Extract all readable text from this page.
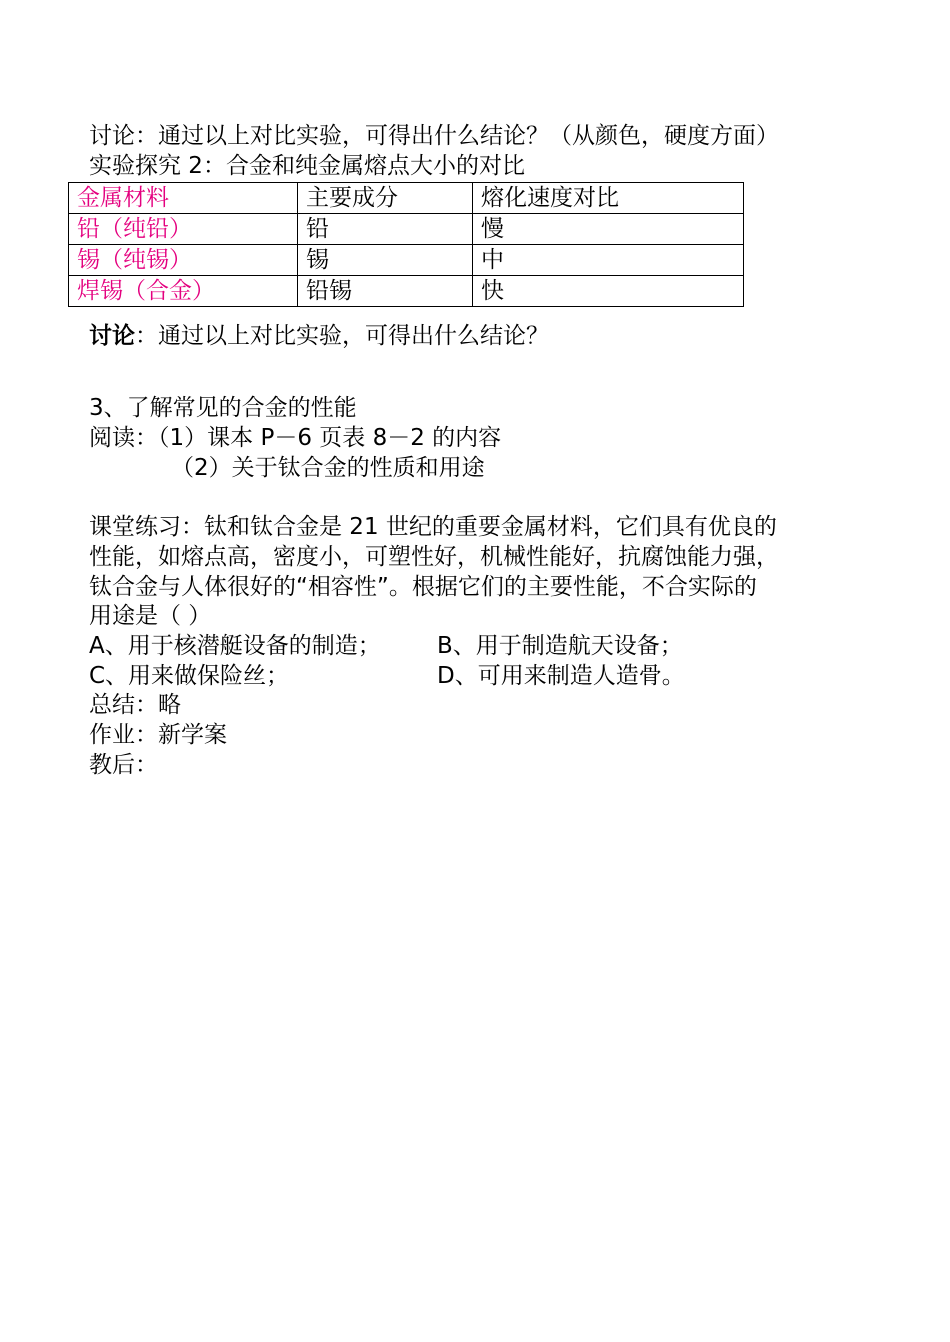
讨论：通过以上对比实验，可得出什么结论？（从颜色，硬度方面）
实验探究 2：合金和纯金属熔点大小的对比
金属材料	主要成分	熔化速度对比
铅（纯铅）	铅	慢
锡（纯锡）	锡	中
焊锡（合金）	铅锡	快
讨论：通过以上对比实验，可得出什么结论？
3、了解常见的合金的性能
阅读：（1）课本 P－6 页表 8－2 的内容
（2）关于钛合金的性质和用途
课堂练习：钛和钛合金是 21 世纪的重要金属材料，它们具有优良的
性能，如熔点高，密度小，可塑性好，机械性能好，抗腐蚀能力强，
钛合金与人体很好的“相容性”。根据它们的主要性能，不合实际的
用途是（ ）
A、用于核潜艇设备的制造； B、用于制造航天设备；
C、用来做保险丝；	D、可用来制造人造骨。
总结：略
作业：新学案
教后：
